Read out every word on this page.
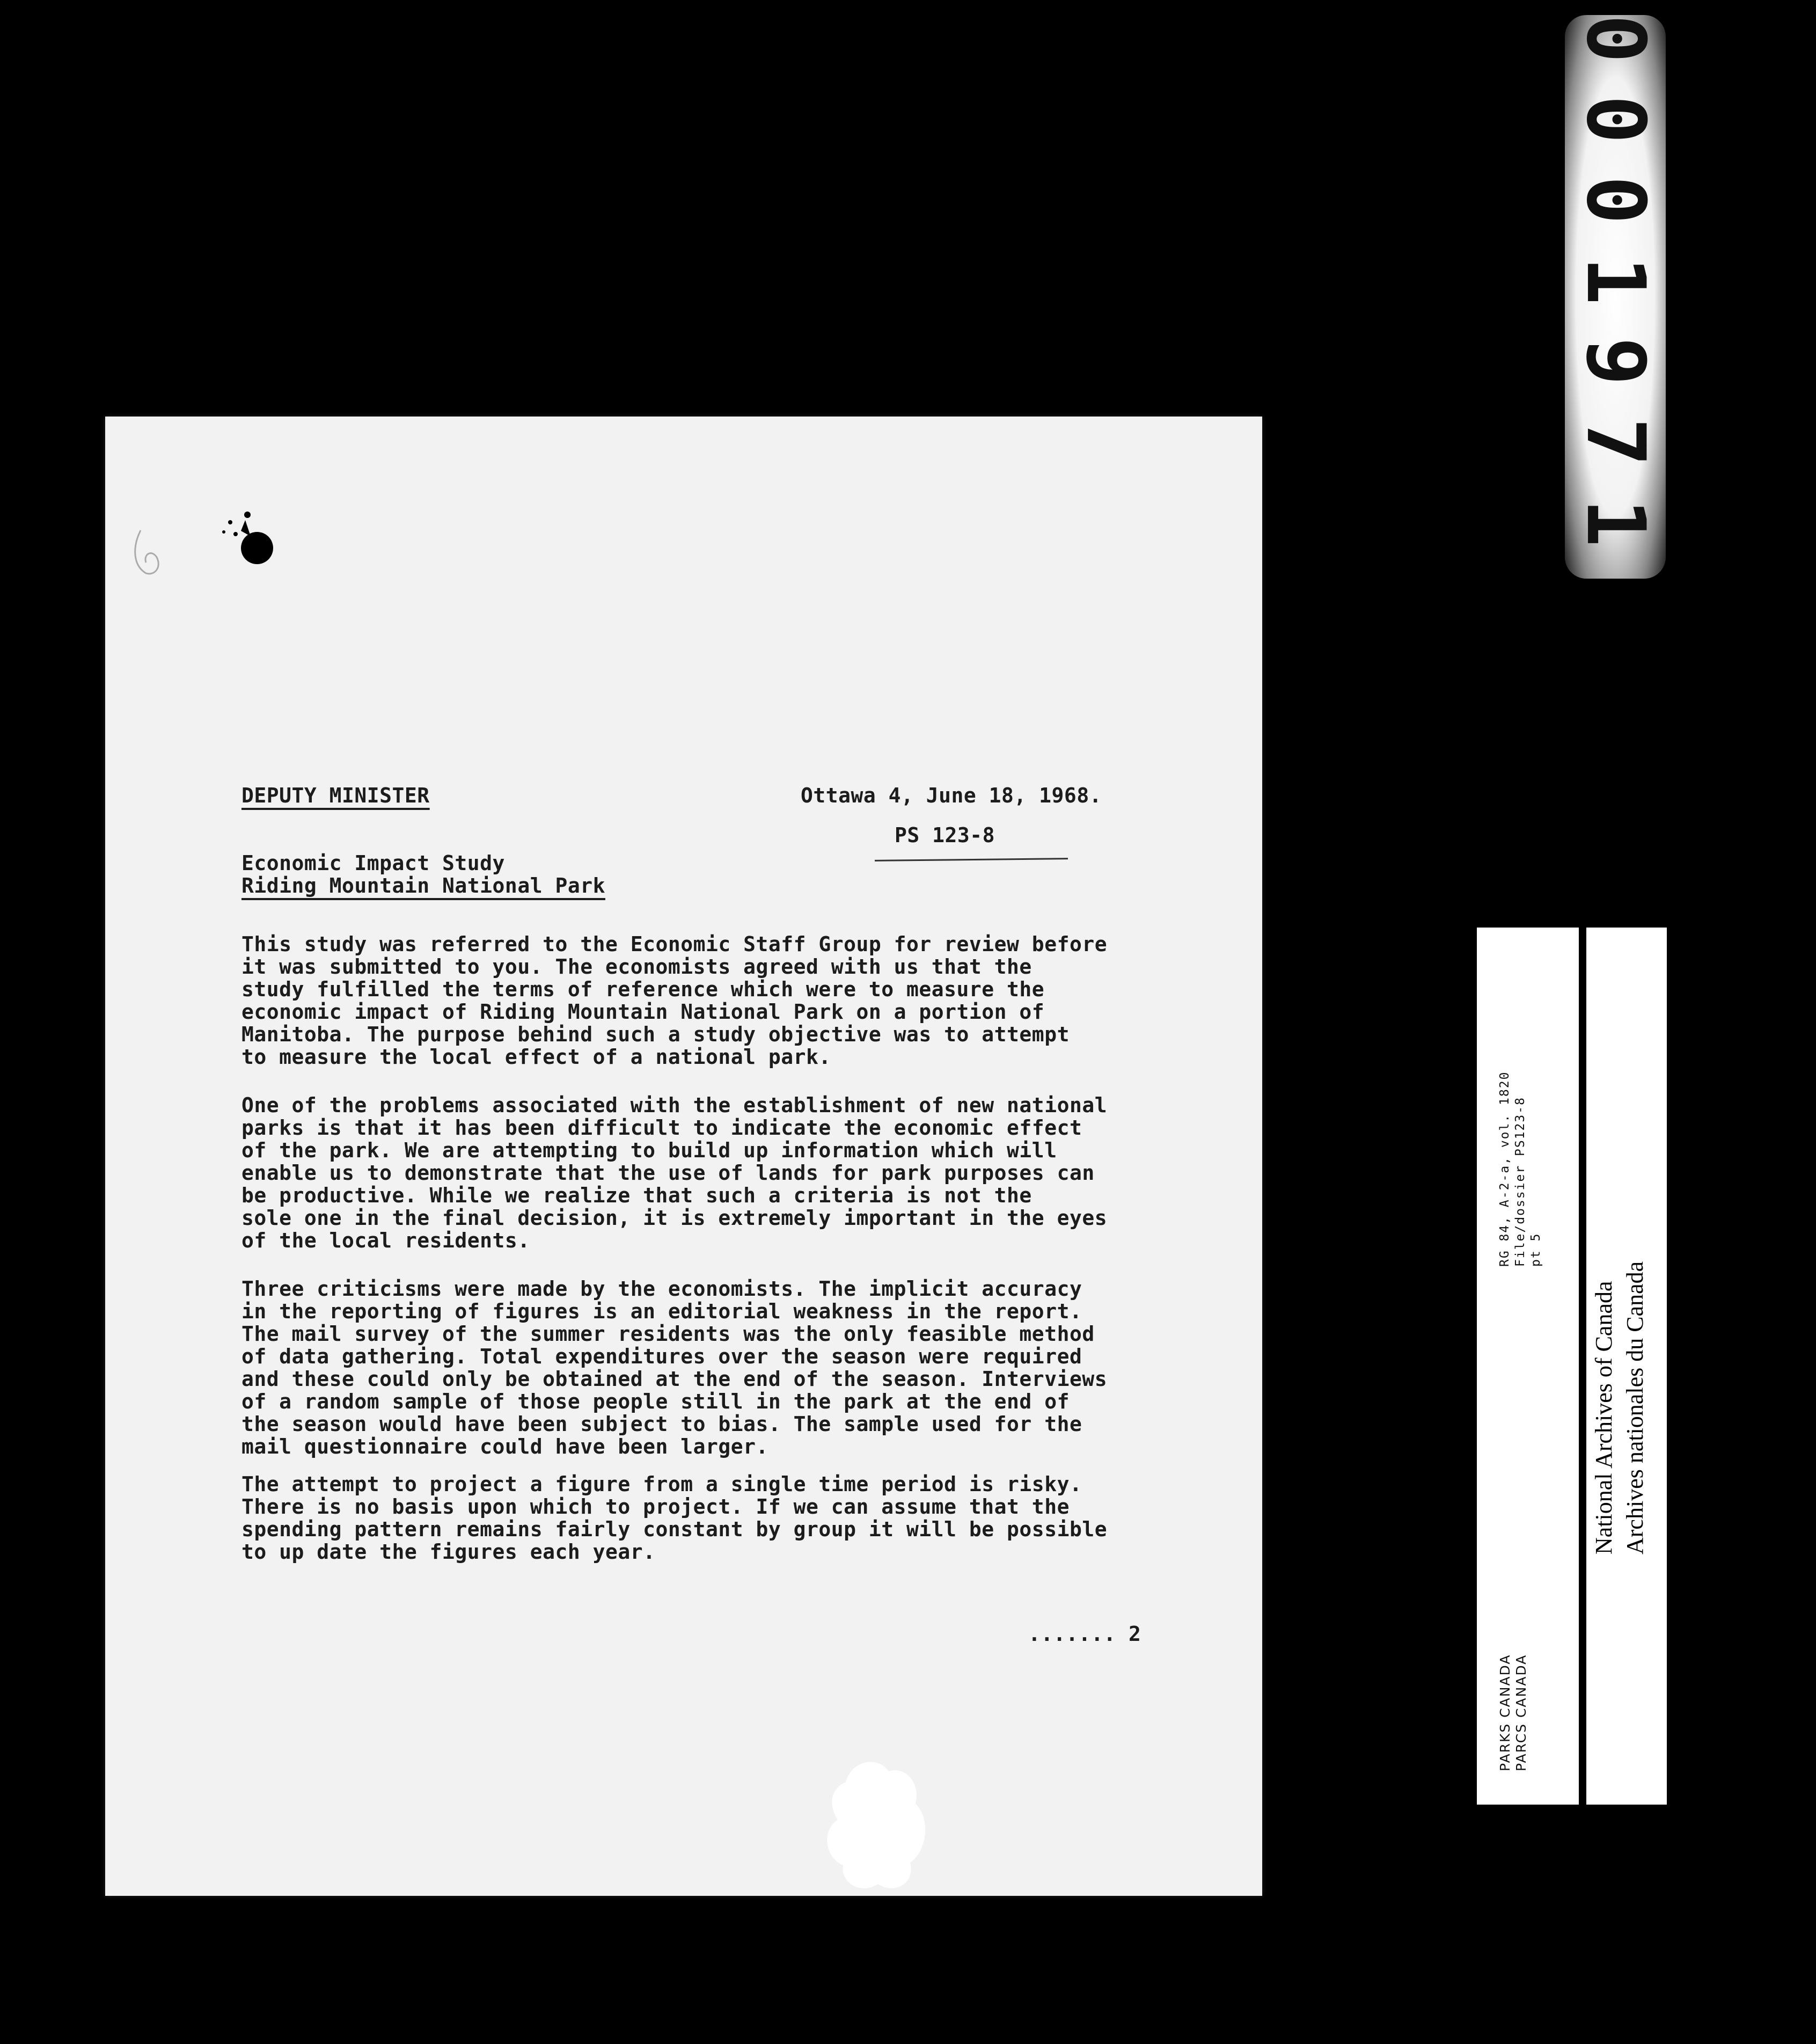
DEPUTY MINISTER	Ottawa 4, June 18, 1968.
PS 123-8
Economic Impact Study
Riding Mountain National Park
This study was referred to the Economic Staff Group for review before
it was submitted to you. The economists agreed with us that the
study fulfilled the terms of reference which were to measure the
economic impact of Riding Mountain National Park on a portion of
Manitoba. The purpose behind such a study objective was to attempt
to measure the local effect of a national park.
One of the problems associated with the establishment of new national
parks is that it has been difficult to indicate the economic effect
of the park. We are attempting to build up information which will
enable us to demonstrate that the use of lands for park purposes can
be productive. While we realize that such a criteria is not the
sole one in the final decision, it is extremely important in the eyes
of the local residents.
Three criticisms were made by the economists. The implicit accuracy
in the reporting of figures is an editorial weakness in the report.
The mail survey of the summer residents was the only feasible method
of data gathering. Total expenditures over the season were required
and these could only be obtained at the end of the season. Interviews
of a random sample of those people still in the park at the end of
the season would have been subject to bias. The sample used for the
mail questionnaire could have been larger.
The attempt to project a figure from a single time period is risky.
There is no basis upon which to project. If we can assume that the
spending pattern remains fairly constant by group it will be possible
to up date the figures each year.
....... 2
0001971
PARKS CANADA PARCS CANADA
RG 84, A-2-a, vol. 1820 File/dossier PS123-8 pt 5
National Archives of Canada Archives nationales du Canada
